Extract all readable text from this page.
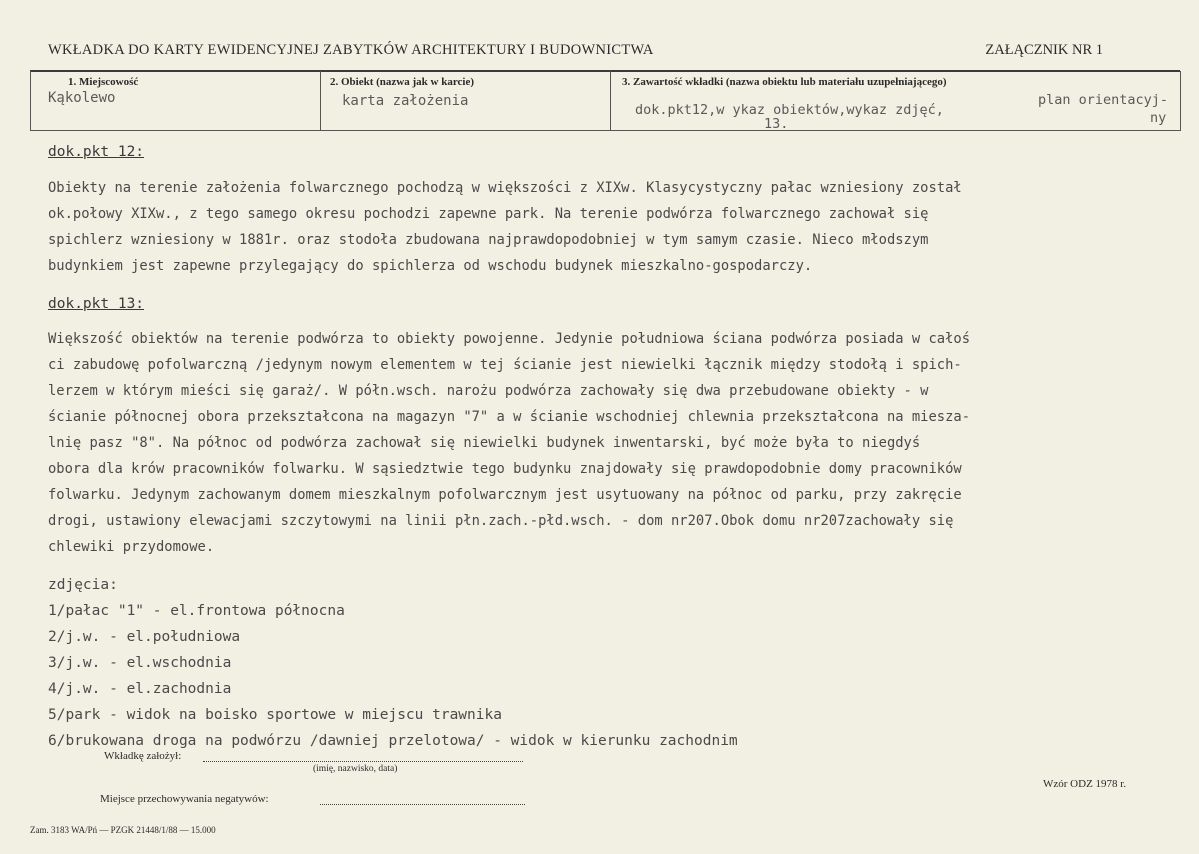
WKŁADKA DO KARTY EWIDENCYJNEJ ZABYTKÓW ARCHITEKTURY I BUDOWNICTWA	ZAŁĄCZNIK NR 1
1. Miejscowość
Kąkolewo
2. Obiekt (nazwa jak w karcie)
karta założenia
3. Zawartość wkładki (nazwa obiektu lub materiału uzupełniającego)
dok.pkt12,w ykaz obiektów,wykaz zdjęć,
plan orientacyj-
ny
13.
dok.pkt 12:
Obiekty na terenie założenia folwarcznego pochodzą w większości z XIXw. Klasycystyczny pałac wzniesiony został
ok.połowy XIXw., z tego samego okresu pochodzi zapewne park. Na terenie podwórza folwarcznego zachował się
spichlerz wzniesiony w 1881r. oraz stodoła zbudowana najprawdopodobniej w tym samym czasie. Nieco młodszym
budynkiem jest zapewne przylegający do spichlerza od wschodu budynek mieszkalno-gospodarczy.
dok.pkt 13:
Większość obiektów na terenie podwórza to obiekty powojenne. Jedynie południowa ściana podwórza posiada w całoś
ci zabudowę pofolwarczną /jedynym nowym elementem w tej ścianie jest niewielki łącznik między stodołą i spich-
lerzem w którym mieści się garaż/. W półn.wsch. narożu podwórza zachowały się dwa przebudowane obiekty - w
ścianie północnej obora przekształcona na magazyn "7" a w ścianie wschodniej chlewnia przekształcona na miesza-
lnię pasz "8". Na północ od podwórza zachował się niewielki budynek inwentarski, być może była to niegdyś
obora dla krów pracowników folwarku. W sąsiedztwie tego budynku znajdowały się prawdopodobnie domy pracowników
folwarku. Jedynym zachowanym domem mieszkalnym pofolwarcznym jest usytuowany na północ od parku, przy zakręcie
drogi, ustawiony elewacjami szczytowymi na linii płn.zach.-płd.wsch. - dom nr207.Obok domu nr207zachowały się
chlewiki przydomowe.
zdjęcia:
1/pałac "1" - el.frontowa północna
2/j.w. - el.południowa
3/j.w. - el.wschodnia
4/j.w. - el.zachodnia
5/park - widok na boisko sportowe w miejscu trawnika
6/brukowana droga na podwórzu /dawniej przelotowa/ - widok w kierunku zachodnim
Wkładkę założył:
(imię, nazwisko, data)
Wzór ODZ 1978 r.
Miejsce przechowywania negatywów:
Zam. 3183 WA/Pń — PZGK 21448/1/88 — 15.000
